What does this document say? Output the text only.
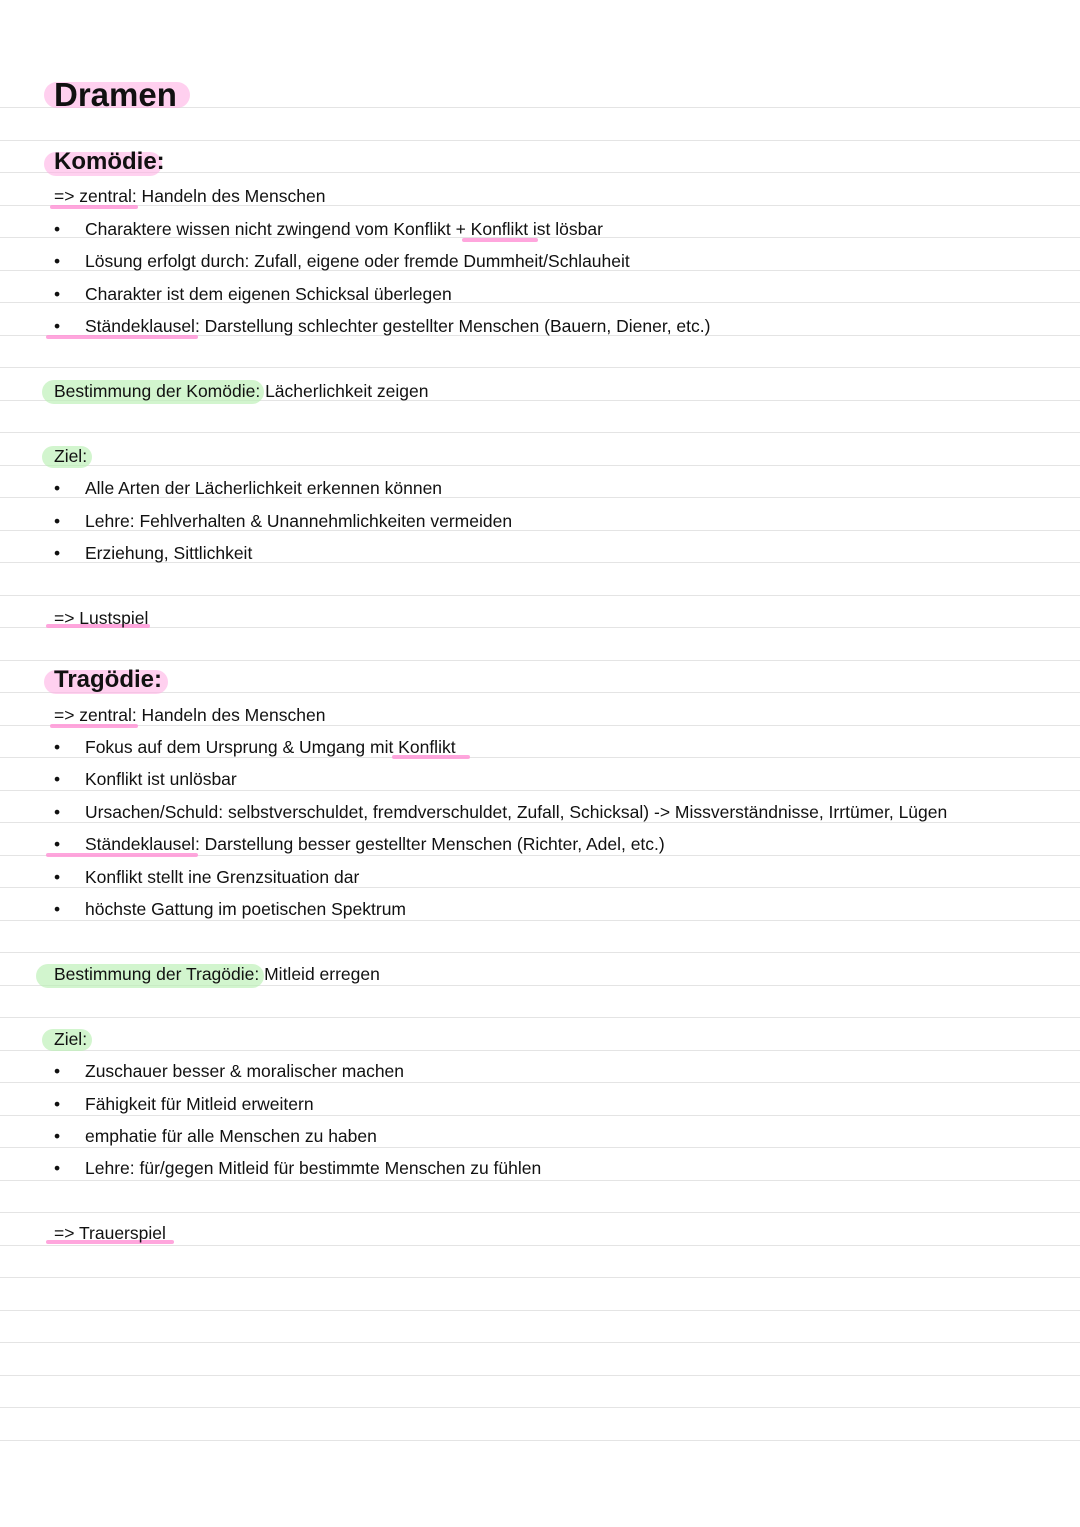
Dramen
Komödie:
=> zentral: Handeln des Menschen
• Charaktere wissen nicht zwingend vom Konflikt + Konflikt ist lösbar
• Lösung erfolgt durch: Zufall, eigene oder fremde Dummheit/Schlauheit
• Charakter ist dem eigenen Schicksal überlegen
• Ständeklausel: Darstellung schlechter gestellter Menschen (Bauern, Diener, etc.)
Bestimmung der Komödie: Lächerlichkeit zeigen
Ziel:
• Alle Arten der Lächerlichkeit erkennen können
• Lehre: Fehlverhalten & Unannehmlichkeiten vermeiden
• Erziehung, Sittlichkeit
=> Lustspiel
Tragödie:
=> zentral: Handeln des Menschen
• Fokus auf dem Ursprung & Umgang mit Konflikt
• Konflikt ist unlösbar
• Ursachen/Schuld: selbstverschuldet, fremdverschuldet, Zufall, Schicksal) -> Missverständnisse, Irrtümer, Lügen
• Ständeklausel: Darstellung besser gestellter Menschen (Richter, Adel, etc.)
• Konflikt stellt ine Grenzsituation dar
• höchste Gattung im poetischen Spektrum
Bestimmung der Tragödie: Mitleid erregen
Ziel:
• Zuschauer besser & moralischer machen
• Fähigkeit für Mitleid erweitern
• emphatie für alle Menschen zu haben
• Lehre: für/gegen Mitleid für bestimmte Menschen zu fühlen
=> Trauerspiel
